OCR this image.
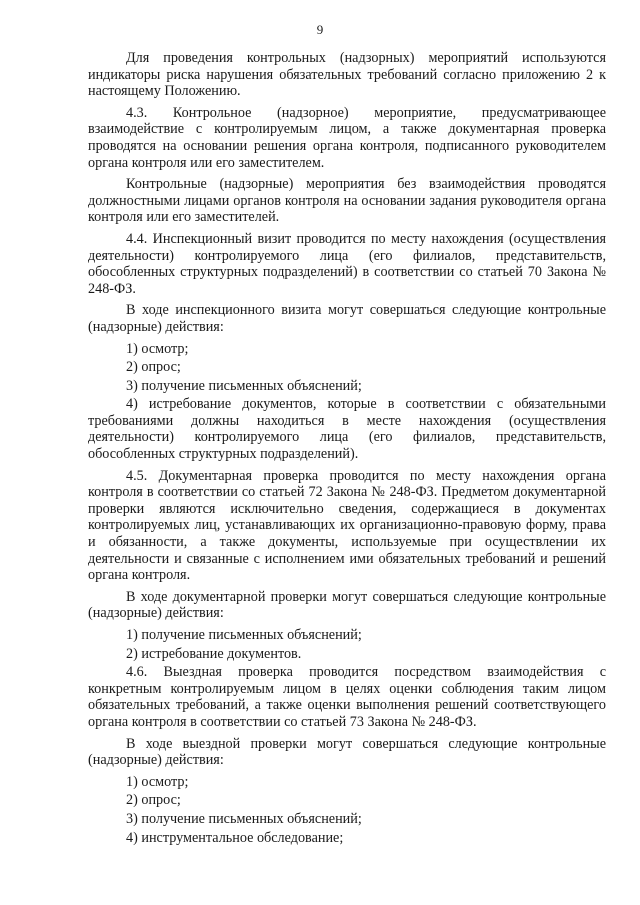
9

Для проведения контрольных (надзорных) мероприятий используются индикаторы риска нарушения обязательных требований согласно приложению 2 к настоящему Положению.

4.3. Контрольное (надзорное) мероприятие, предусматривающее взаимодействие с контролируемым лицом, а также документарная проверка проводятся на основании решения органа контроля, подписанного руководителем органа контроля или его заместителем.

Контрольные (надзорные) мероприятия без взаимодействия проводятся должностными лицами органов контроля на основании задания руководителя органа контроля или его заместителей.

4.4. Инспекционный визит проводится по месту нахождения (осуществления деятельности) контролируемого лица (его филиалов, представительств, обособленных структурных подразделений) в соответствии со статьей 70 Закона № 248-ФЗ.

В ходе инспекционного визита могут совершаться следующие контрольные (надзорные) действия:

1) осмотр;

2) опрос;

3) получение письменных объяснений;

4) истребование документов, которые в соответствии с обязательными требованиями должны находиться в месте нахождения (осуществления деятельности) контролируемого лица (его филиалов, представительств, обособленных структурных подразделений).

4.5. Документарная проверка проводится по месту нахождения органа контроля в соответствии со статьей 72 Закона № 248-ФЗ. Предметом документарной проверки являются исключительно сведения, содержащиеся в документах контролируемых лиц, устанавливающих их организационно-правовую форму, права и обязанности, а также документы, используемые при осуществлении их деятельности и связанные с исполнением ими обязательных требований и решений органа контроля.

В ходе документарной проверки могут совершаться следующие контрольные (надзорные) действия:

1) получение письменных объяснений;

2) истребование документов.

4.6. Выездная проверка проводится посредством взаимодействия с конкретным контролируемым лицом в целях оценки соблюдения таким лицом обязательных требований, а также оценки выполнения решений соответствующего органа контроля в соответствии со статьей 73 Закона № 248-ФЗ.

В ходе выездной проверки могут совершаться следующие контрольные (надзорные) действия:

1) осмотр;

2) опрос;

3) получение письменных объяснений;

4) инструментальное обследование;
